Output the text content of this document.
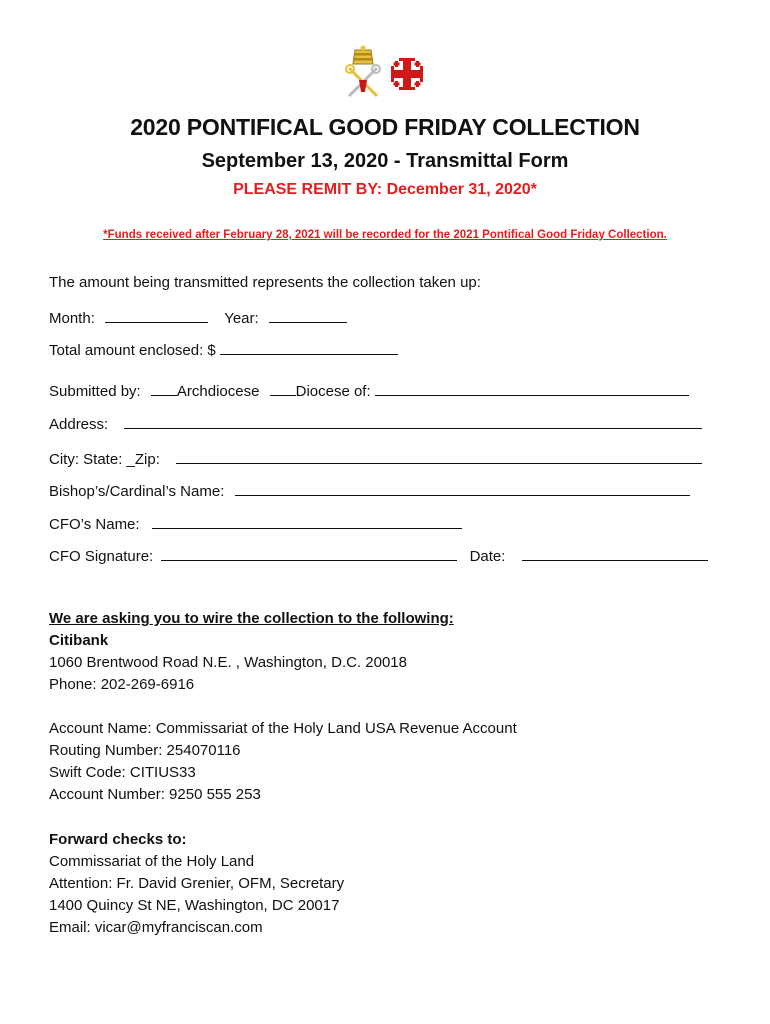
2020 PONTIFICAL GOOD FRIDAY COLLECTION
September 13, 2020 - Transmittal Form
PLEASE REMIT BY: December 31, 2020*
*Funds received after February 28, 2021 will be recorded for the 2021 Pontifical Good Friday Collection.
The amount being transmitted represents the collection taken up:
Month:	Year:
Total amount enclosed: $
Submitted by: Archdiocese Diocese of:
Address:
City: State: _Zip:
Bishop’s/Cardinal’s Name:
CFO’s Name:
CFO Signature:	Date:
We are asking you to wire the collection to the following:
Citibank
1060 Brentwood Road N.E. , Washington, D.C. 20018
Phone: 202-269-6916
Account Name: Commissariat of the Holy Land USA Revenue Account
Routing Number: 254070116
Swift Code: CITIUS33
Account Number: 9250 555 253
Forward checks to:
Commissariat of the Holy Land
Attention: Fr. David Grenier, OFM, Secretary
1400 Quincy St NE, Washington, DC 20017
Email: vicar@myfranciscan.com
